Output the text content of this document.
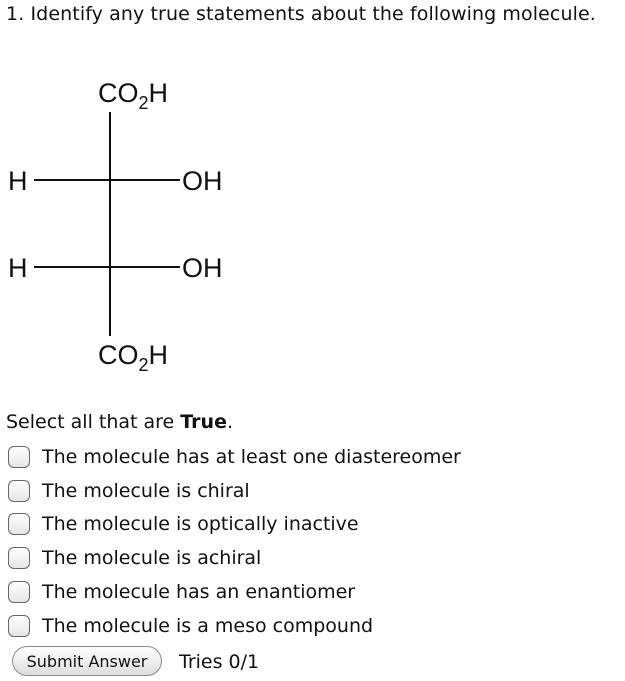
1. Identify any true statements about the following molecule.
$CO_2H$
H	OH
H	OH
$CO_2H$
Select all that are True.
The molecule has at least one diastereomer
The molecule is chiral
The molecule is optically inactive
The molecule is achiral
The molecule has an enantiomer
The molecule is a meso compound
Submit Answer	Tries 0/1
